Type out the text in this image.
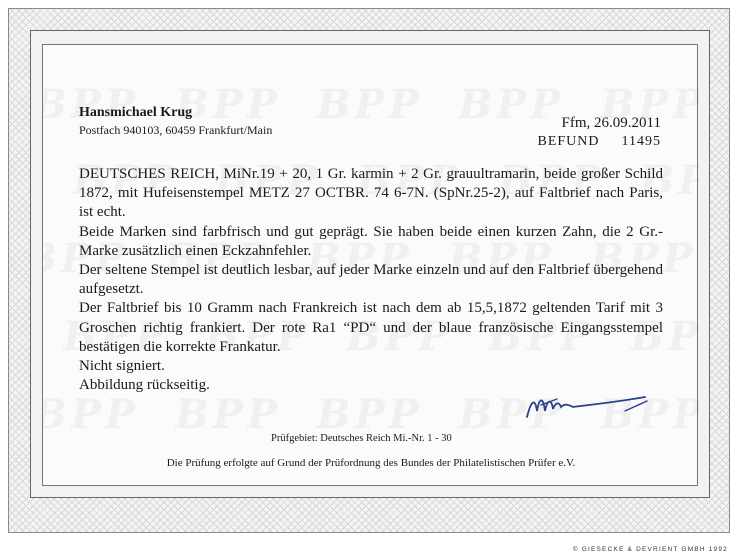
Hansmichael Krug
Postfach 940103, 60459 Frankfurt/Main	Ffm, 26.09.2011
BEFUND 11495

DEUTSCHES REICH, MiNr.19 + 20, 1 Gr. karmin + 2 Gr. grauultramarin, beide großer Schild 1872, mit Hufeisenstempel METZ 27 OCTBR. 74 6-7N. (SpNr.25-2), auf Faltbrief nach Paris, ist echt.

Beide Marken sind farbfrisch und gut geprägt. Sie haben beide einen kurzen Zahn, die 2 Gr.- Marke zusätzlich einen Eckzahnfehler.

Der seltene Stempel ist deutlich lesbar, auf jeder Marke einzeln und auf den Faltbrief übergehend aufgesetzt.

Der Faltbrief bis 10 Gramm nach Frankreich ist nach dem ab 15,5,1872 geltenden Tarif mit 3 Groschen richtig frankiert. Der rote Ra1 “PD“ und der blaue französische Eingangsstempel bestätigen die korrekte Frankatur.

Nicht signiert.

Abbildung rückseitig.

Prüfgebiet: Deutsches Reich Mi.-Nr. 1 - 30
Die Prüfung erfolgte auf Grund der Prüfordnung des Bundes der Philatelistischen Prüfer e.V.
© GIESECKE & DEVRIENT GMBH 1992
